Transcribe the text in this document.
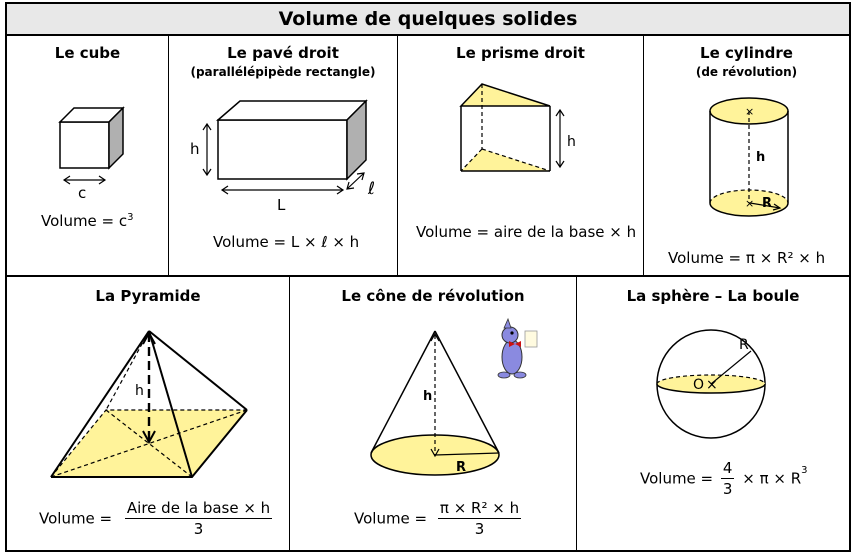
Volume de quelques solides
Le cube
c
Volume = $c^3$
Le pavé droit
(parallélépipède rectangle)
h
L
ℓ
Volume = L × ℓ × h
Le prisme droit
h
Volume = aire de la base × h
Le cylindre
(de révolution)
×
×
h
R
Volume = π × R² × h
La Pyramide
h
Volume = $\frac{\text{Aire de la base × h}}{3}$
Le cône de révolution
h
R
Volume = $\frac{\text{π × R² × h}}{3}$
La sphère – La boule
×
O
R
Volume = $\frac{4}{3} \times \pi \times R^3$
